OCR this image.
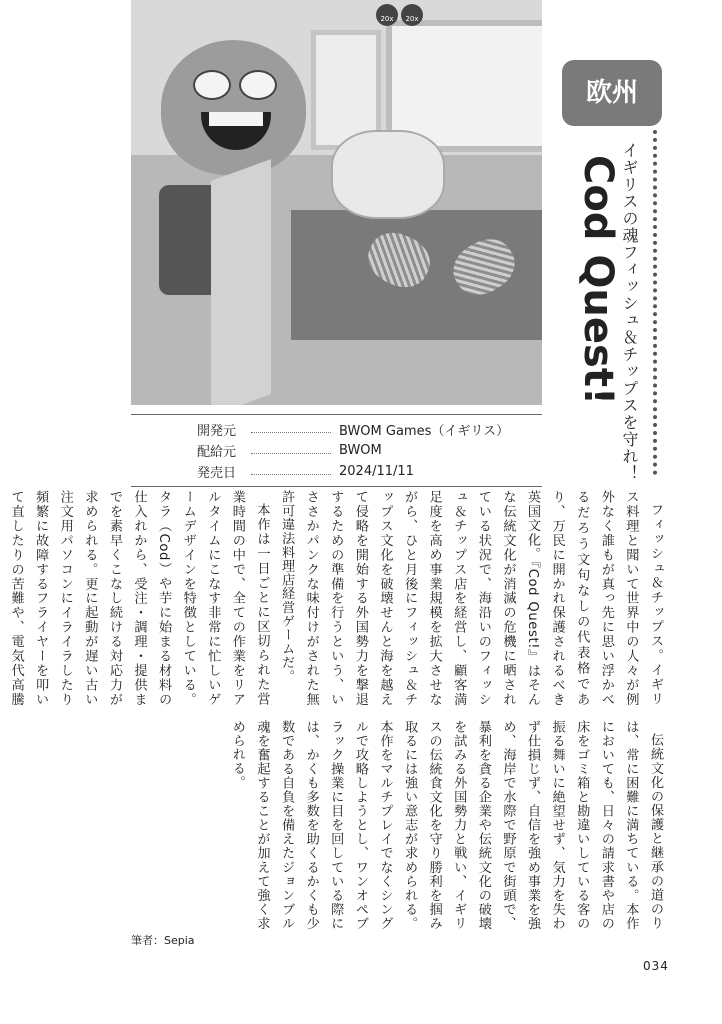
20x	20x
欧州
イギリスの魂フィッシュ＆チップスを守れ！
Cod Quest!
開発元	BWOM Games（イギリス）
配給元	BWOM
発売日	2024/11/11

フィッシュ＆チップス。イギリス料理と聞いて世界中の人々が例外なく誰もが真っ先に思い浮かべるだろう文句なしの代表格であり、万民に開かれ保護されるべき英国文化。『Cod Quest!』はそんな伝統文化が消滅の危機に晒されている状況で、海沿いのフィッシュ＆チップス店を経営し、顧客満足度を高め事業規模を拡大させながら、ひと月後にフィッシュ＆チップス文化を破壊せんと海を越えて侵略を開始する外国勢力を撃退するための準備を行うという、いささかパンクな味付けがされた無許可違法料理店経営ゲームだ。

本作は一日ごとに区切られた営業時間の中で、全ての作業をリアルタイムにこなす非常に忙しいゲームデザインを特徴としている。タラ（Cod）や芋に始まる材料の仕入れから、受注・調理・提供までを素早くこなし続ける対応力が求められる。更に起動が遅い古い注文用パソコンにイライラしたり頻繁に故障するフライヤーを叩いて直したりの苦難や、電気代高騰

伝統文化の保護と継承の道のりは、常に困難に満ちている。本作においても、日々の請求書や店の床をゴミ箱と勘違いしている客の振る舞いに絶望せず、気力を失わず仕損じず、自信を強め事業を強め、海岸で水際で野原で街頭で、暴利を貪る企業や伝統文化の破壊を試みる外国勢力と戦い、イギリスの伝統食文化を守り勝利を掴み取るには強い意志が求められる。本作をマルチプレイでなくシングルで攻略しようとし、ワンオペブラック操業に目を回している際には、かくも多数を助くるかくも少数である自負を備えたジョンブル魂を奮起することが加えて強く求められる。

筆者：Sepia
034
